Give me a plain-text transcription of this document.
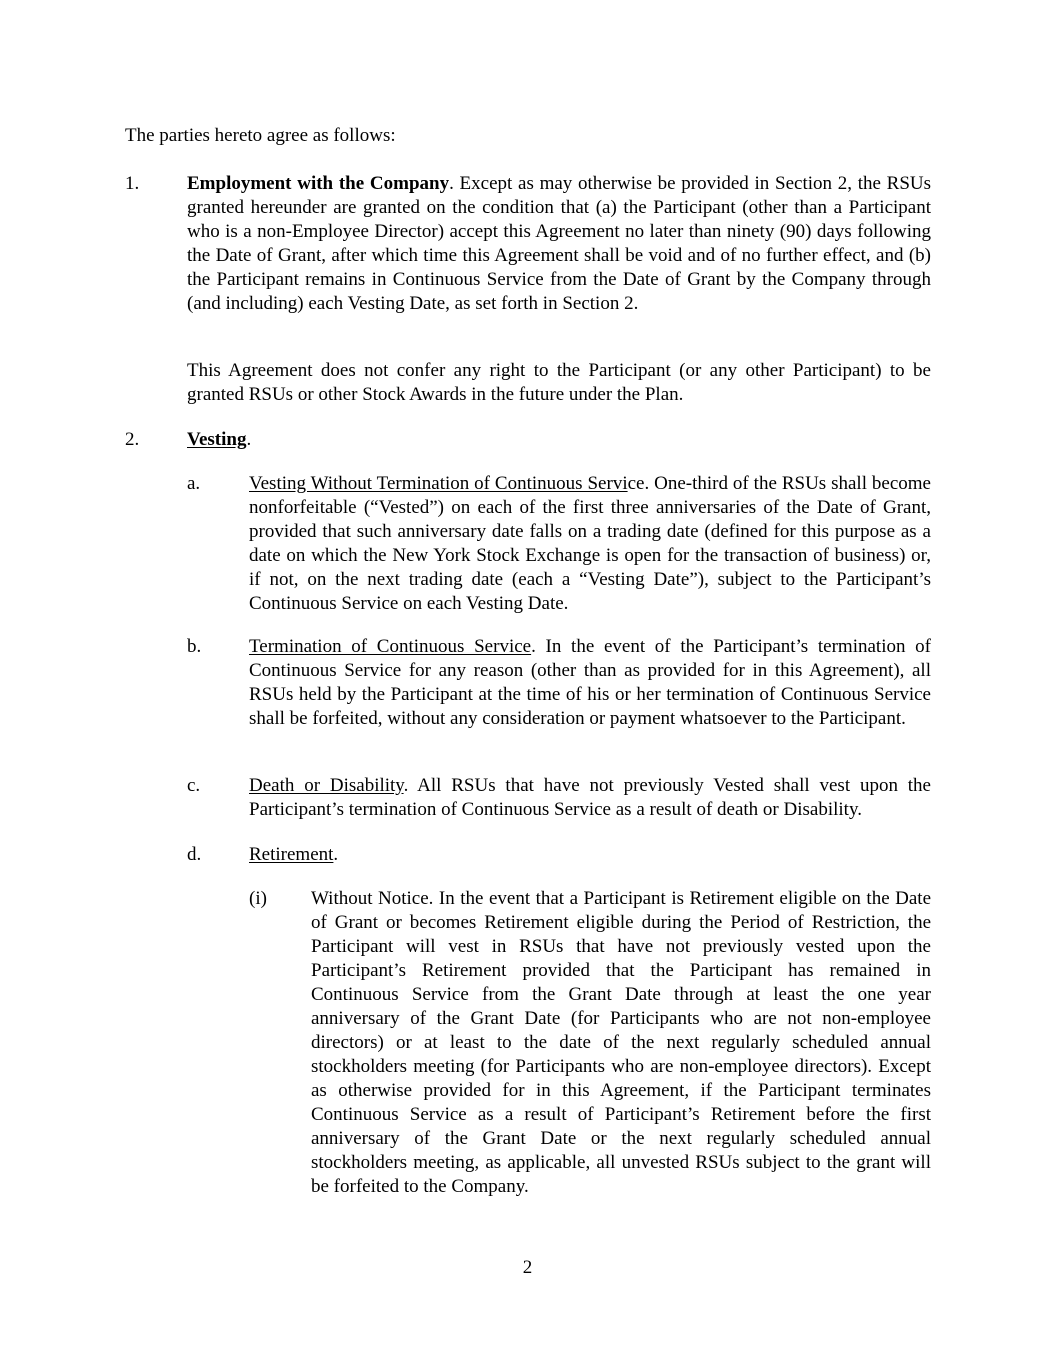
The parties hereto agree as follows:

1.	Employment with the Company. Except as may otherwise be provided in Section 2, the RSUs granted hereunder are granted on the condition that (a) the Participant (other than a Participant who is a non-Employee Director) accept this Agreement no later than ninety (90) days following the Date of Grant, after which time this Agreement shall be void and of no further effect, and (b) the Participant remains in Continuous Service from the Date of Grant by the Company through (and including) each Vesting Date, as set forth in Section 2.

This Agreement does not confer any right to the Participant (or any other Participant) to be granted RSUs or other Stock Awards in the future under the Plan.

2.	Vesting.

a.	Vesting Without Termination of Continuous Service. One-third of the RSUs shall become nonforfeitable (“Vested”) on each of the first three anniversaries of the Date of Grant, provided that such anniversary date falls on a trading date (defined for this purpose as a date on which the New York Stock Exchange is open for the transaction of business) or, if not, on the next trading date (each a “Vesting Date”), subject to the Participant’s Continuous Service on each Vesting Date.

b.	Termination of Continuous Service. In the event of the Participant’s termination of Continuous Service for any reason (other than as provided for in this Agreement), all RSUs held by the Participant at the time of his or her termination of Continuous Service shall be forfeited, without any consideration or payment whatsoever to the Participant.

c.	Death or Disability. All RSUs that have not previously Vested shall vest upon the Participant’s termination of Continuous Service as a result of death or Disability.

d.	Retirement.

(i) Without Notice. In the event that a Participant is Retirement eligible on the Date of Grant or becomes Retirement eligible during the Period of Restriction, the Participant will vest in RSUs that have not previously vested upon the Participant’s Retirement provided that the Participant has remained in Continuous Service from the Grant Date through at least the one year anniversary of the Grant Date (for Participants who are not non-employee directors) or at least to the date of the next regularly scheduled annual stockholders meeting (for Participants who are non-employee directors). Except as otherwise provided for in this Agreement, if the Participant terminates Continuous Service as a result of Participant’s Retirement before the first anniversary of the Grant Date or the next regularly scheduled annual stockholders meeting, as applicable, all unvested RSUs subject to the grant will be forfeited to the Company.

2
